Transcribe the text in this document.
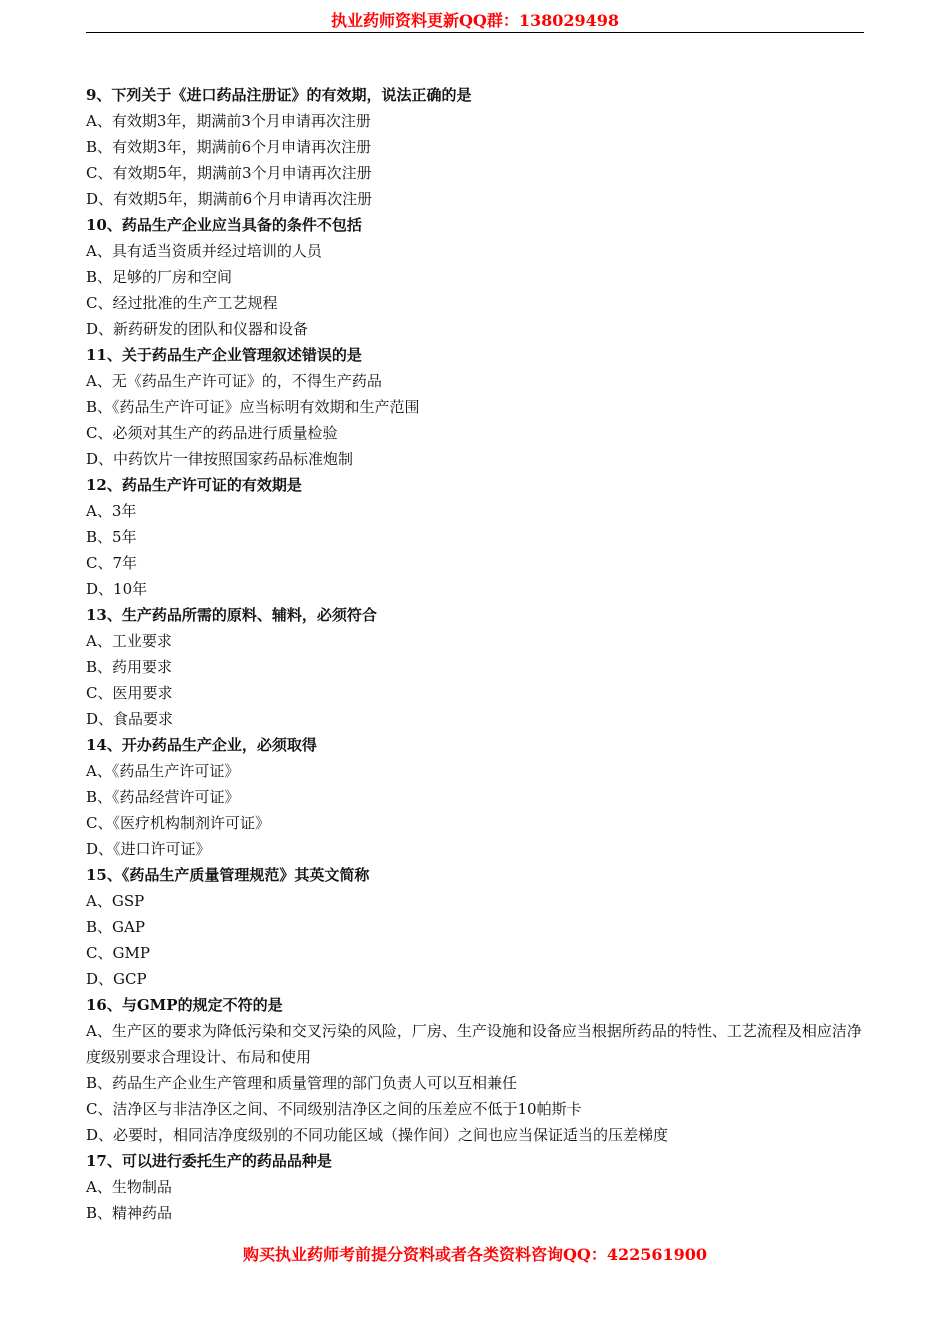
执业药师资料更新QQ群：138029498
9、下列关于《进口药品注册证》的有效期，说法正确的是
A、有效期3年，期满前3个月申请再次注册
B、有效期3年，期满前6个月申请再次注册
C、有效期5年，期满前3个月申请再次注册
D、有效期5年，期满前6个月申请再次注册
10、药品生产企业应当具备的条件不包括
A、具有适当资质并经过培训的人员
B、足够的厂房和空间
C、经过批准的生产工艺规程
D、新药研发的团队和仪器和设备
11、关于药品生产企业管理叙述错误的是
A、无《药品生产许可证》的，不得生产药品
B、《药品生产许可证》应当标明有效期和生产范围
C、必须对其生产的药品进行质量检验
D、中药饮片一律按照国家药品标准炮制
12、药品生产许可证的有效期是
A、3年
B、5年
C、7年
D、10年
13、生产药品所需的原料、辅料，必须符合
A、工业要求
B、药用要求
C、医用要求
D、食品要求
14、开办药品生产企业，必须取得
A、《药品生产许可证》
B、《药品经营许可证》
C、《医疗机构制剂许可证》
D、《进口许可证》
15、《药品生产质量管理规范》其英文简称
A、GSP
B、GAP
C、GMP
D、GCP
16、与GMP的规定不符的是
A、生产区的要求为降低污染和交叉污染的风险，厂房、生产设施和设备应当根据所药品的特性、工艺流程及相应洁净度级别要求合理设计、布局和使用
B、药品生产企业生产管理和质量管理的部门负责人可以互相兼任
C、洁净区与非洁净区之间、不同级别洁净区之间的压差应不低于10帕斯卡
D、必要时，相同洁净度级别的不同功能区域（操作间）之间也应当保证适当的压差梯度
17、可以进行委托生产的药品品种是
A、生物制品
B、精神药品
购买执业药师考前提分资料或者各类资料咨询QQ：422561900
